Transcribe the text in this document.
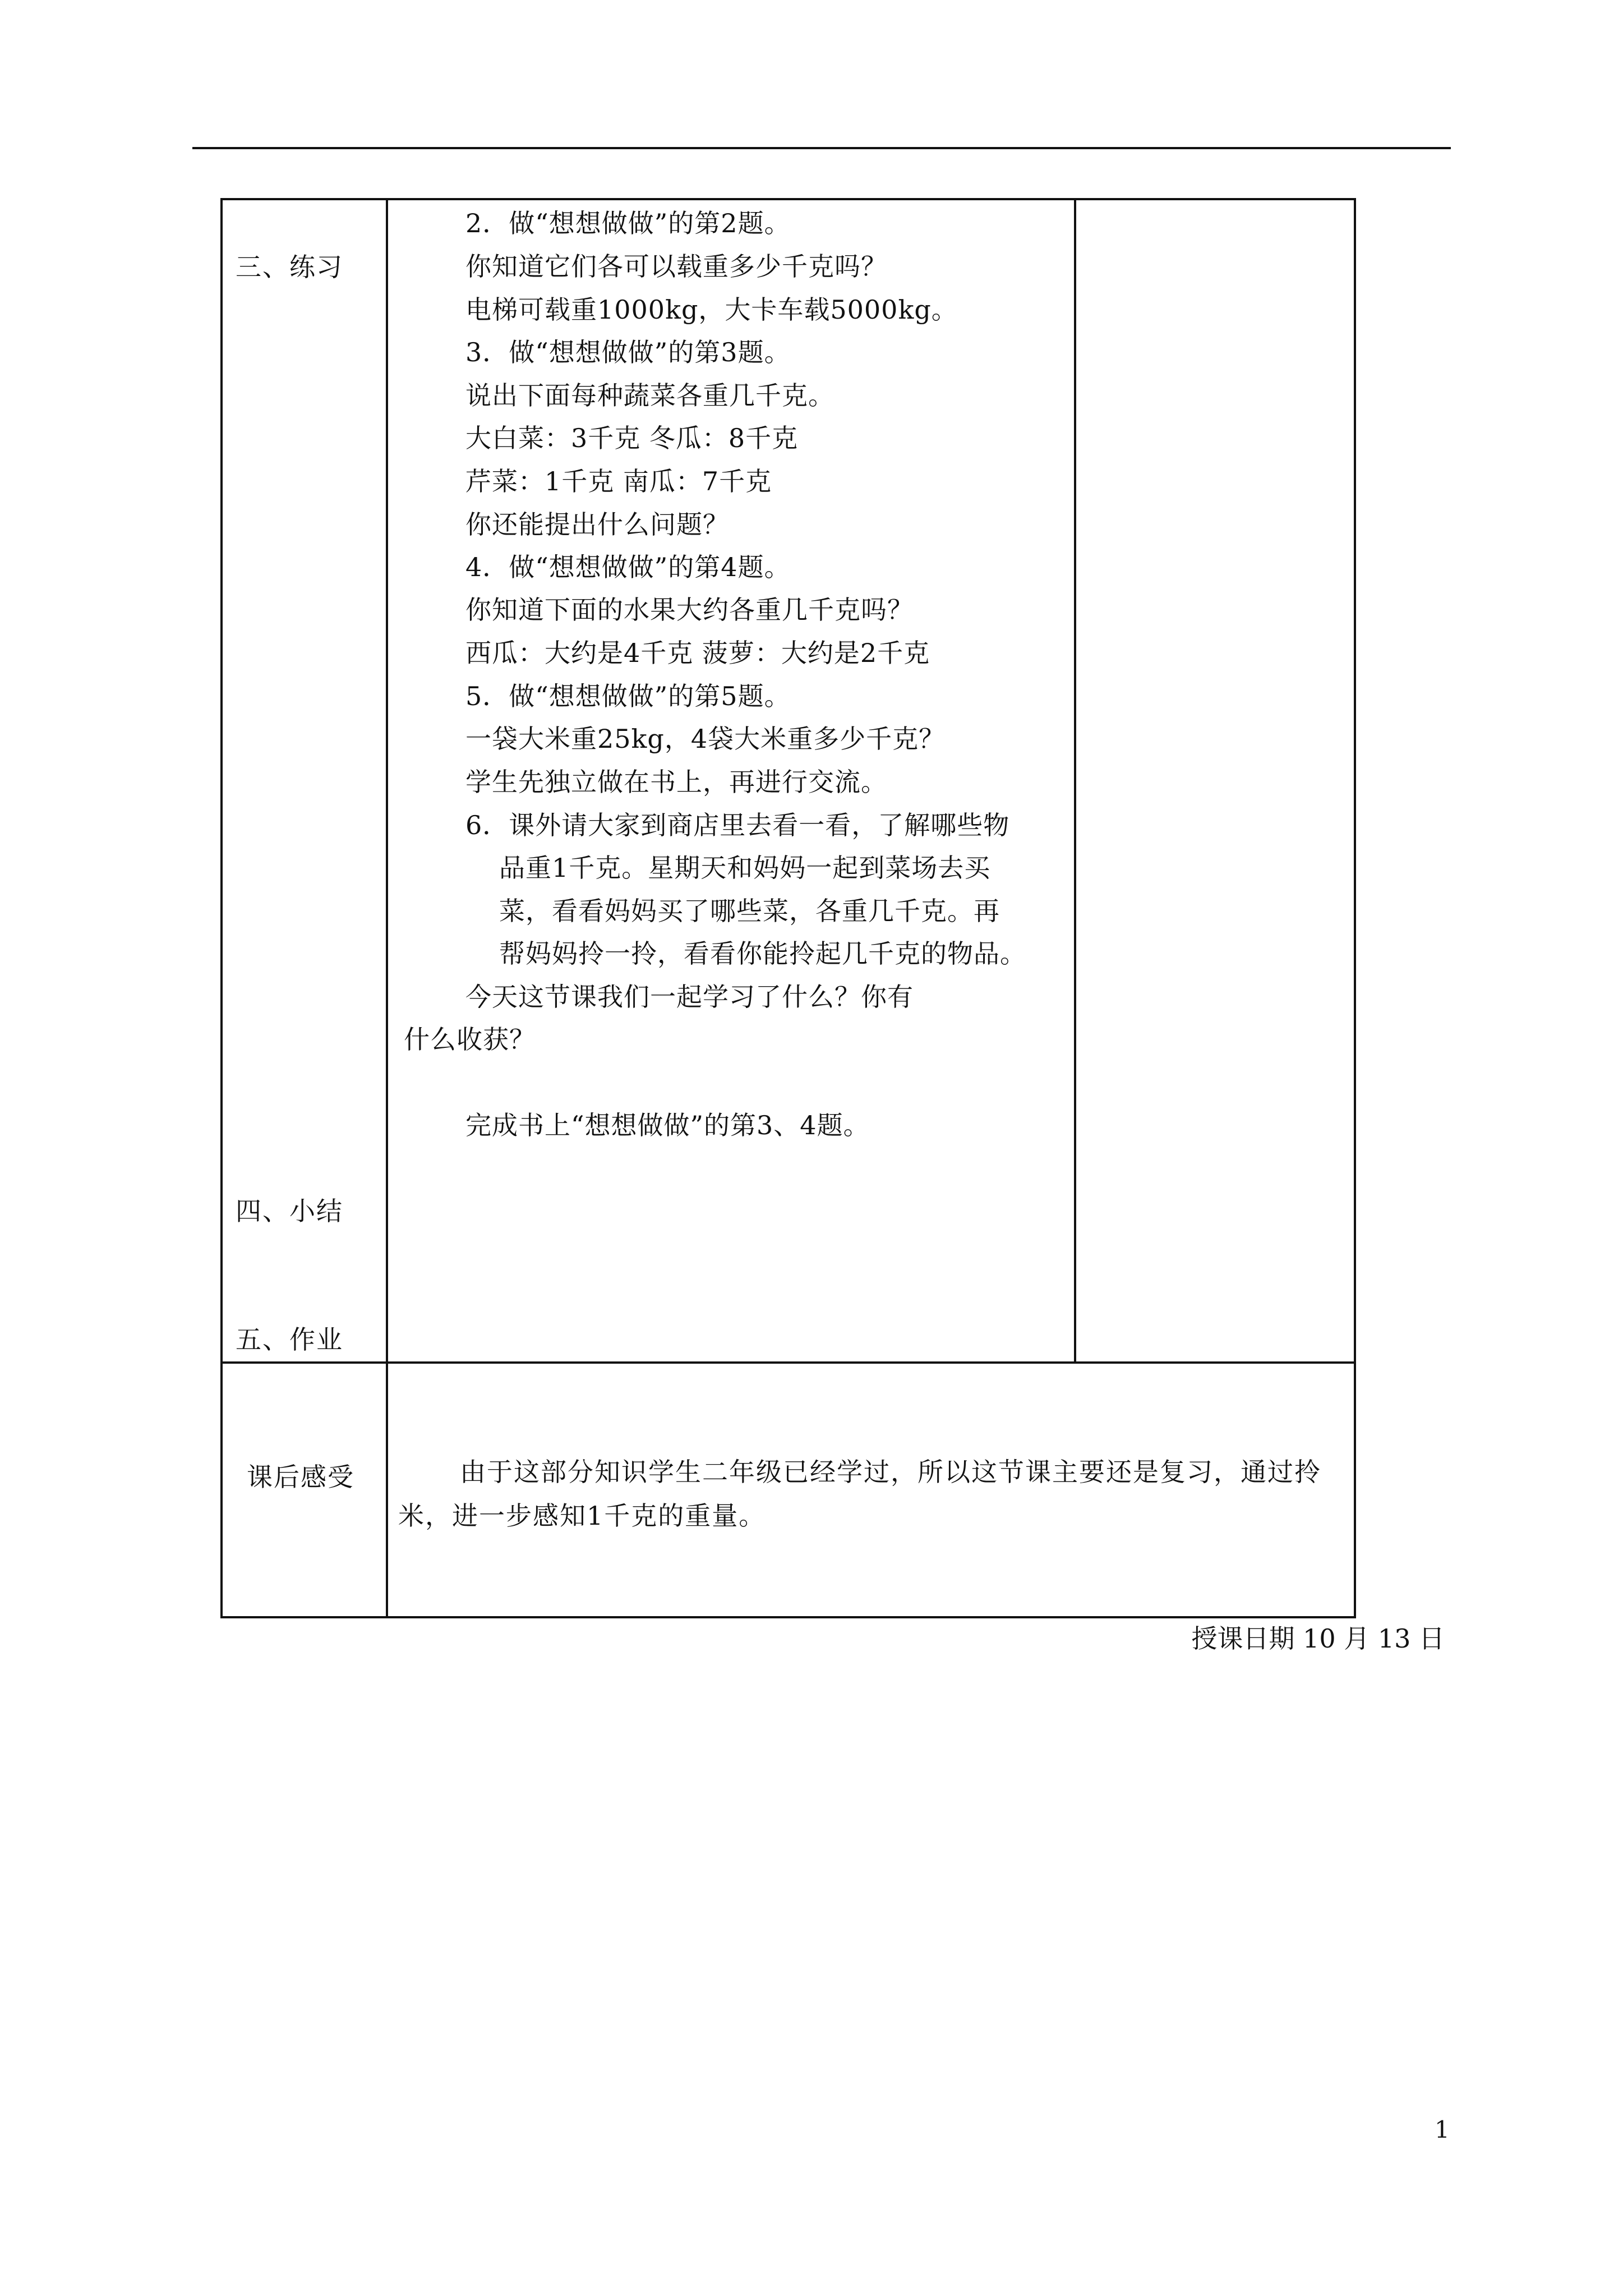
三、练习
四、小结
五、作业
2．做“想想做做”的第2题。
你知道它们各可以载重多少千克吗？
电梯可载重1000kg，大卡车载5000kg。
3．做“想想做做”的第3题。
说出下面每种蔬菜各重几千克。
大白菜：3千克 冬瓜：8千克
芹菜：1千克 南瓜：7千克
你还能提出什么问题？
4．做“想想做做”的第4题。
你知道下面的水果大约各重几千克吗？
西瓜：大约是4千克 菠萝：大约是2千克
5．做“想想做做”的第5题。
一袋大米重25kg，4袋大米重多少千克？
学生先独立做在书上，再进行交流。
6．课外请大家到商店里去看一看，了解哪些物
品重1千克。星期天和妈妈一起到菜场去买
菜，看看妈妈买了哪些菜，各重几千克。再
帮妈妈拎一拎，看看你能拎起几千克的物品。
今天这节课我们一起学习了什么？你有
什么收获？
完成书上“想想做做”的第3、4题。
课后感受	由于这部分知识学生二年级已经学过，所以这节课主要还是复习，通过拎米，进一步感知1千克的重量。
授课日期 10 月 13 日
1
